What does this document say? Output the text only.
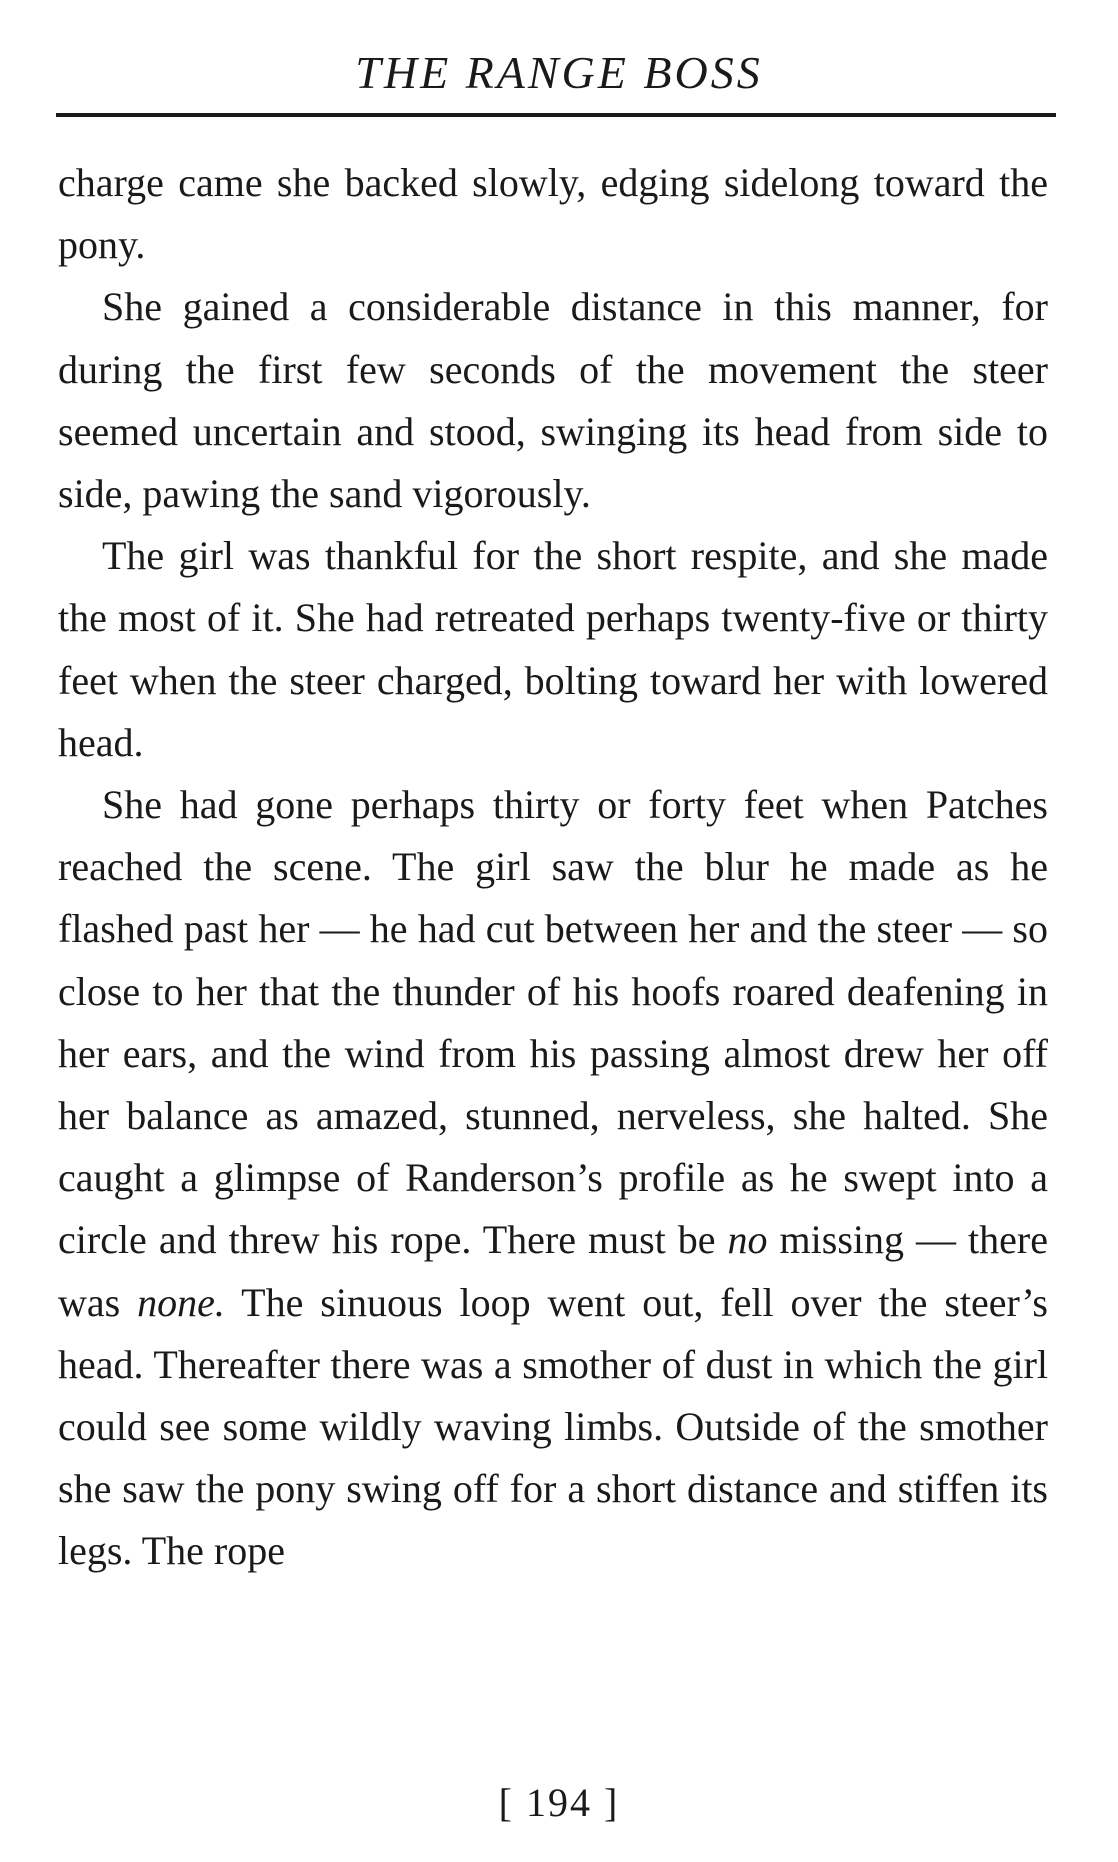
THE RANGE BOSS

charge came she backed slowly, edging sidelong toward the pony.

She gained a considerable distance in this manner, for during the first few seconds of the movement the steer seemed uncertain and stood, swinging its head from side to side, pawing the sand vigorously.

The girl was thankful for the short respite, and she made the most of it. She had retreated perhaps twenty-five or thirty feet when the steer charged, bolting toward her with lowered head.

She had gone perhaps thirty or forty feet when Patches reached the scene. The girl saw the blur he made as he flashed past her — he had cut between her and the steer — so close to her that the thunder of his hoofs roared deafening in her ears, and the wind from his passing almost drew her off her balance as amazed, stunned, nerveless, she halted. She caught a glimpse of Randerson’s profile as he swept into a circle and threw his rope. There must be no missing — there was none. The sinuous loop went out, fell over the steer’s head. Thereafter there was a smother of dust in which the girl could see some wildly waving limbs. Outside of the smother she saw the pony swing off for a short distance and stiffen its legs. The rope

[ 194 ]
